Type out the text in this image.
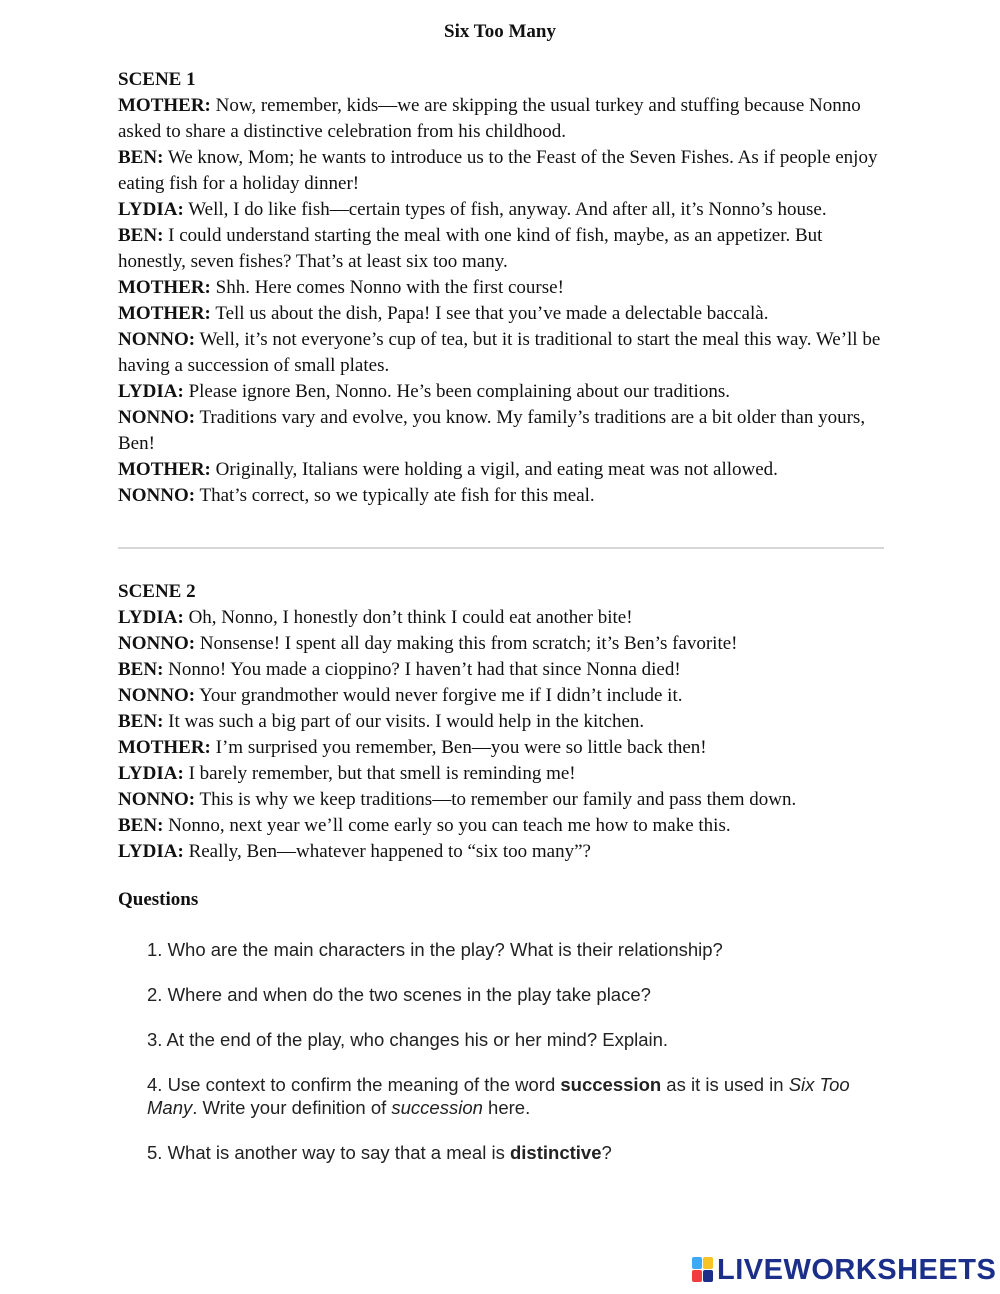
Six Too Many
SCENE 1

MOTHER: Now, remember, kids—we are skipping the usual turkey and stuffing because Nonno asked to share a distinctive celebration from his childhood.

BEN: We know, Mom; he wants to introduce us to the Feast of the Seven Fishes. As if people enjoy eating fish for a holiday dinner!

LYDIA: Well, I do like fish—certain types of fish, anyway. And after all, it’s Nonno’s house.

BEN: I could understand starting the meal with one kind of fish, maybe, as an appetizer. But honestly, seven fishes? That’s at least six too many.

MOTHER: Shh. Here comes Nonno with the first course!

MOTHER: Tell us about the dish, Papa! I see that you’ve made a delectable baccalà.

NONNO: Well, it’s not everyone’s cup of tea, but it is traditional to start the meal this way. We’ll be having a succession of small plates.

LYDIA: Please ignore Ben, Nonno. He’s been complaining about our traditions.

NONNO: Traditions vary and evolve, you know. My family’s traditions are a bit older than yours, Ben!

MOTHER: Originally, Italians were holding a vigil, and eating meat was not allowed.

NONNO: That’s correct, so we typically ate fish for this meal.

SCENE 2

LYDIA: Oh, Nonno, I honestly don’t think I could eat another bite!

NONNO: Nonsense! I spent all day making this from scratch; it’s Ben’s favorite!

BEN: Nonno! You made a cioppino? I haven’t had that since Nonna died!

NONNO: Your grandmother would never forgive me if I didn’t include it.

BEN: It was such a big part of our visits. I would help in the kitchen.

MOTHER: I’m surprised you remember, Ben—you were so little back then!

LYDIA: I barely remember, but that smell is reminding me!

NONNO: This is why we keep traditions—to remember our family and pass them down.

BEN: Nonno, next year we’ll come early so you can teach me how to make this.

LYDIA: Really, Ben—whatever happened to “six too many”?

Questions
1. Who are the main characters in the play? What is their relationship?
2. Where and when do the two scenes in the play take place?
3. At the end of the play, who changes his or her mind? Explain.
4. Use context to confirm the meaning of the word succession as it is used in Six Too Many. Write your definition of succession here.
5. What is another way to say that a meal is distinctive?
LIVEWORKSHEETS
